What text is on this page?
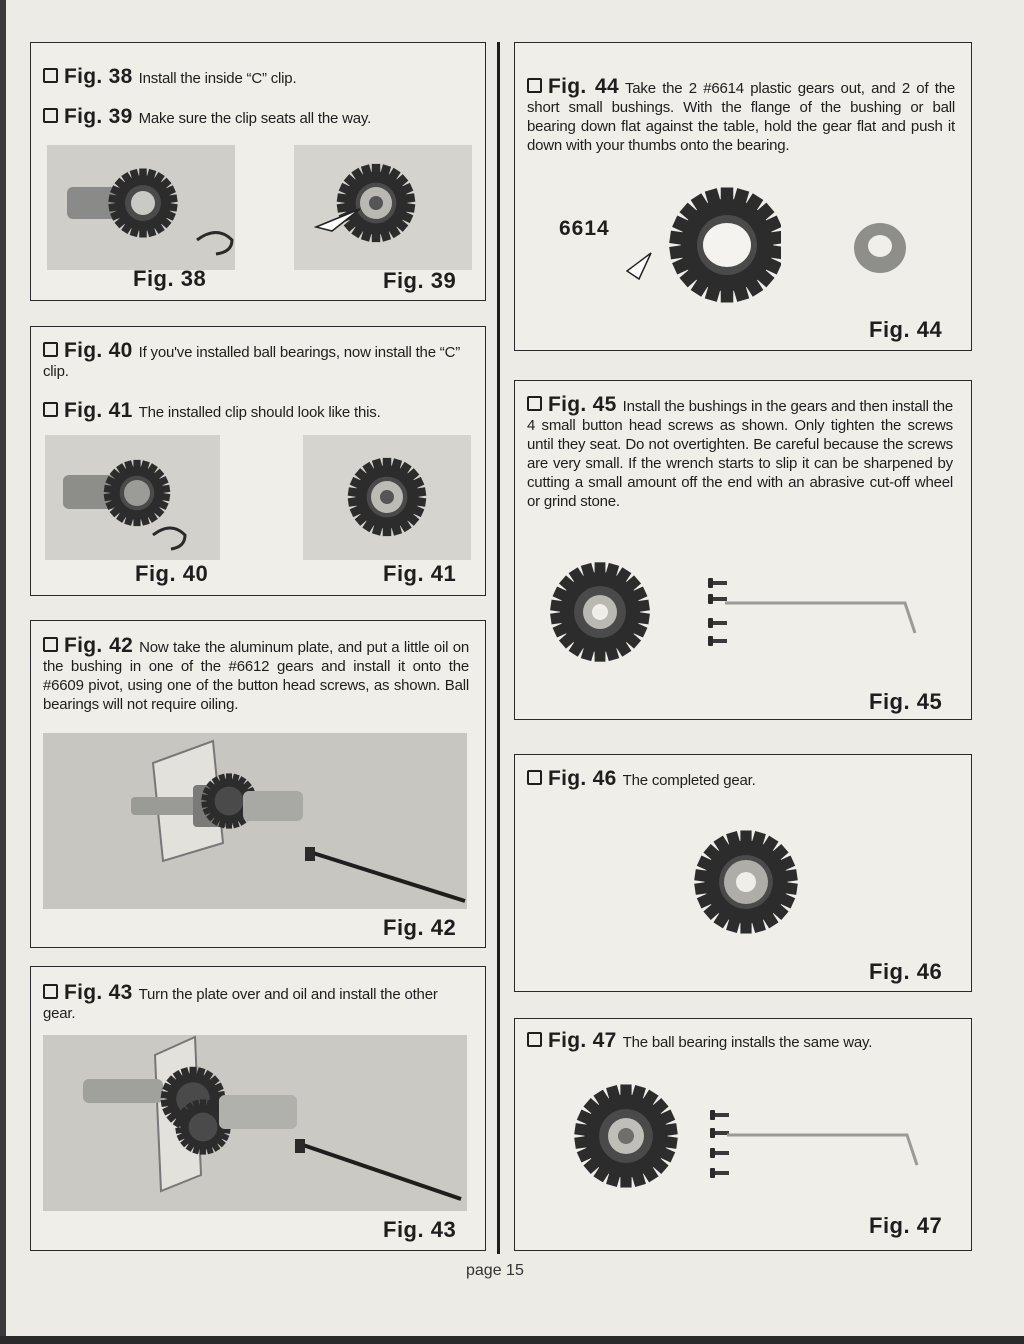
Fig. 38 Install the inside “C” clip.

Fig. 39 Make sure the clip seats all the way.

Fig. 38	Fig. 39

Fig. 40 If you've installed ball bearings, now install the “C” clip.

Fig. 41 The installed clip should look like this.

Fig. 40	Fig. 41

Fig. 42 Now take the aluminum plate, and put a little oil on the bushing in one of the #6612 gears and install it onto the #6609 pivot, using one of the button head screws, as shown. Ball bearings will not require oiling.

Fig. 42

Fig. 43 Turn the plate over and oil and install the other gear.

Fig. 43

Fig. 44 Take the 2 #6614 plastic gears out, and 2 of the short small bushings. With the flange of the bushing or ball bearing down flat against the table, hold the gear flat and push it down with your thumbs onto the bearing.

6614
Fig. 44

Fig. 45 Install the bushings in the gears and then install the 4 small button head screws as shown. Only tighten the screws until they seat. Do not overtighten. Be careful because the screws are very small. If the wrench starts to slip it can be sharpened by cutting a small amount off the end with an abrasive cut-off wheel or grind stone.

Fig. 45

Fig. 46 The completed gear.

Fig. 46

Fig. 47 The ball bearing installs the same way.

Fig. 47
page 15
